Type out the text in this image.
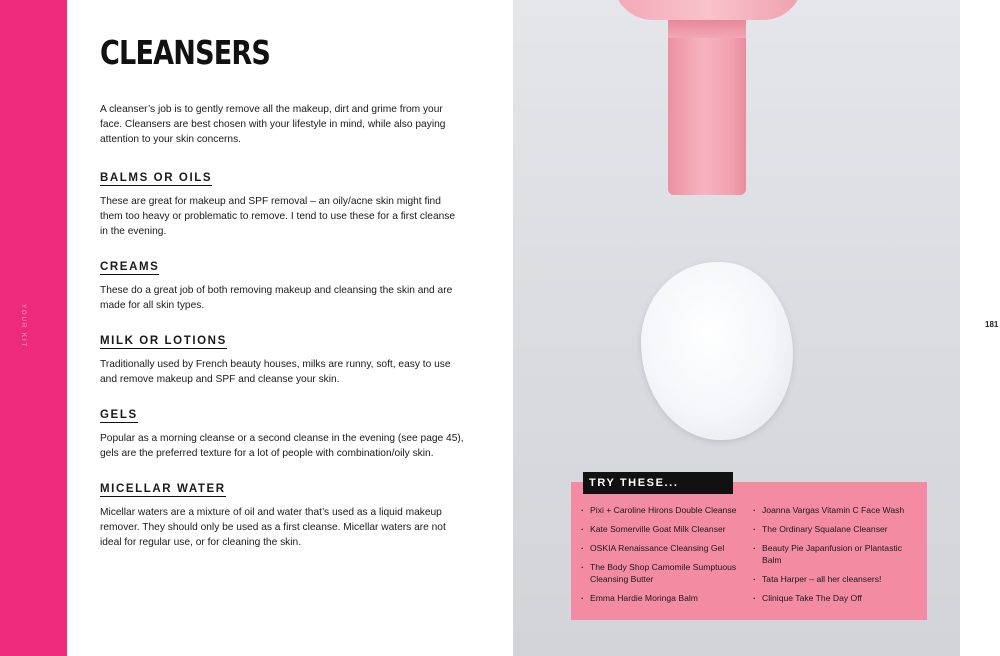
YOUR KIT
CLEANSERS

A cleanser’s job is to gently remove all the makeup, dirt and grime from your face. Cleansers are best chosen with your lifestyle in mind, while also paying attention to your skin concerns.

BALMS OR OILS

These are great for makeup and SPF removal – an oily/acne skin might find them too heavy or problematic to remove. I tend to use these for a first cleanse in the evening.

CREAMS

These do a great job of both removing makeup and cleansing the skin and are made for all skin types.

MILK OR LOTIONS

Traditionally used by French beauty houses, milks are runny, soft, easy to use and remove makeup and SPF and cleanse your skin.

GELS

Popular as a morning cleanse or a second cleanse in the evening (see page 45), gels are the preferred texture for a lot of people with combination/oily skin.

MICELLAR WATER

Micellar waters are a mixture of oil and water that’s used as a liquid makeup remover. They should only be used as a first cleanse. Micellar waters are not ideal for regular use, or for cleaning the skin.

TRY THESE...
· Pixi + Caroline Hirons Double Cleanse
· Kate Somerville Goat Milk Cleanser
· OSKIA Renaissance Cleansing Gel
· The Body Shop Camomile Sumptuous Cleansing Butter
· Emma Hardie Moringa Balm
· Joanna Vargas Vitamin C Face Wash
· The Ordinary Squalane Cleanser
· Beauty Pie Japanfusion or Plantastic Balm
· Tata Harper – all her cleansers!
· Clinique Take The Day Off
181
